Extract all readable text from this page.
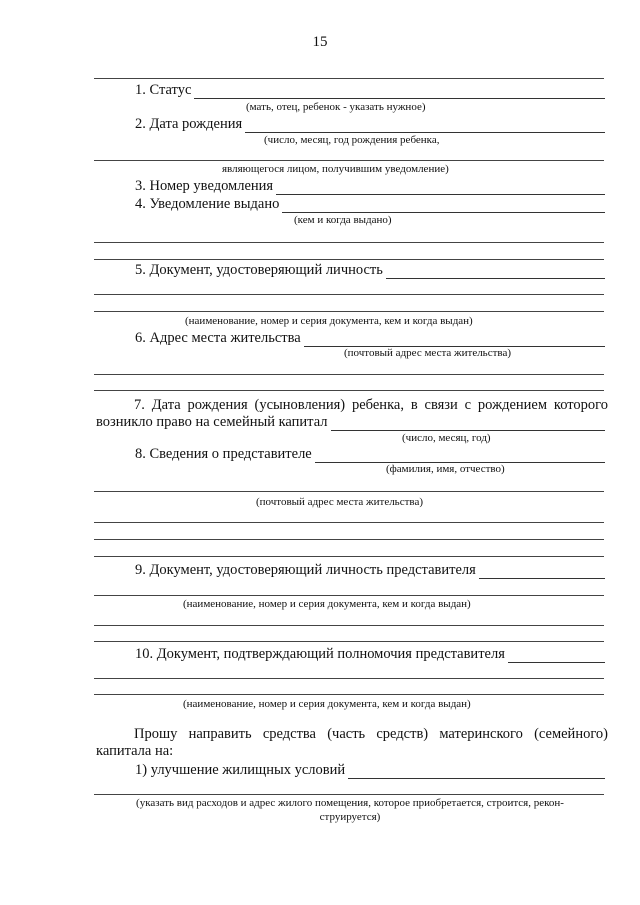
15
1. Статус
(мать, отец, ребенок - указать нужное)
2. Дата рождения
(число, месяц, год рождения ребенка,
являющегося лицом, получившим уведомление)
3. Номер уведомления
4. Уведомление выдано
(кем и когда выдано)
5. Документ, удостоверяющий личность
(наименование, номер и серия документа, кем и когда выдан)
6. Адрес места жительства
(почтовый адрес места жительства)
7. Дата рождения (усыновления) ребенка, в связи с рождением которого
возникло право на семейный капитал
(число, месяц, год)
8. Сведения о представителе
(фамилия, имя, отчество)
(почтовый адрес места жительства)
9. Документ, удостоверяющий личность представителя
(наименование, номер и серия документа, кем и когда выдан)
10. Документ, подтверждающий полномочия представителя
(наименование, номер и серия документа, кем и когда выдан)
Прошу направить средства (часть средств) материнского (семейного)
капитала на:
1) улучшение жилищных условий
(указать вид расходов и адрес жилого помещения, которое приобретается, строится, рекон-
струируется)
